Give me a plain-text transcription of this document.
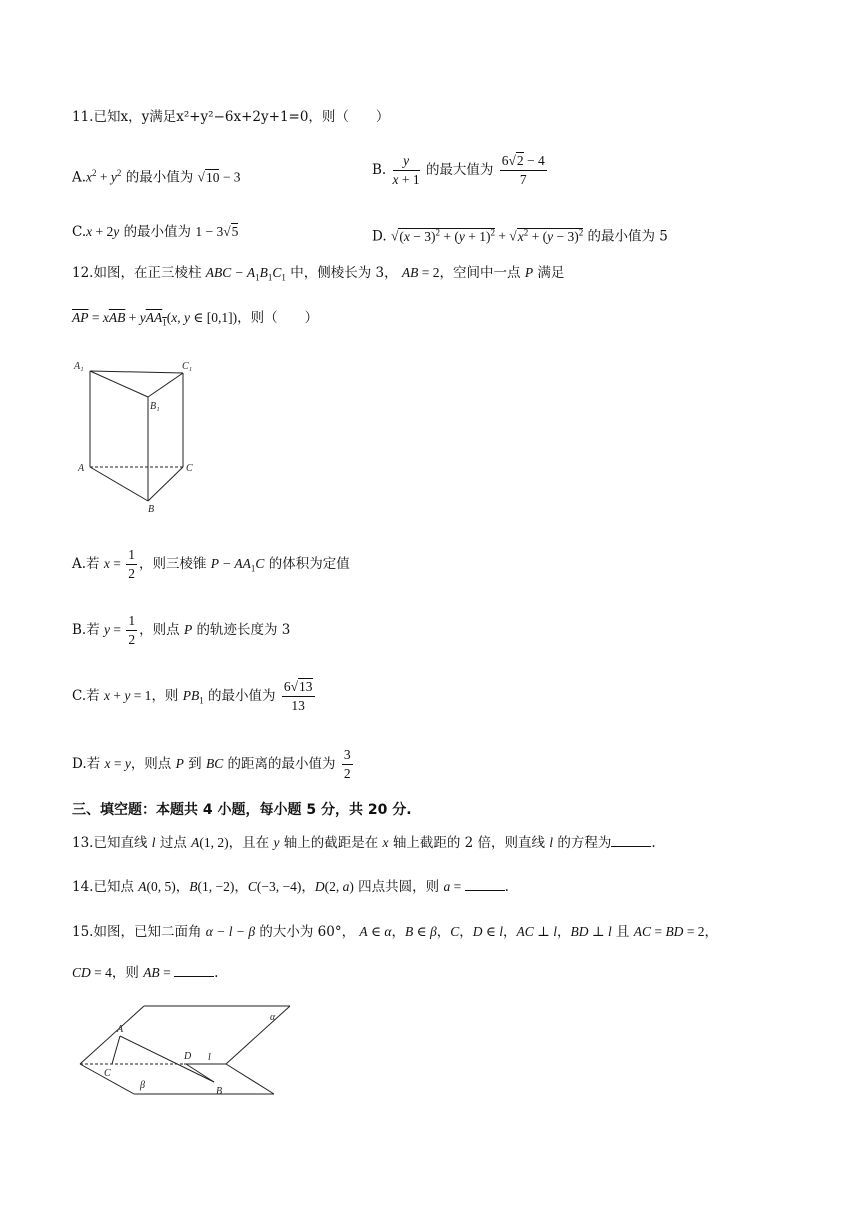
11.已知x，y满足x²+y²−6x+2y+1=0，则（　　）
$A.x^2 + y^2$ 的最小值为 √10 − 3	B. $\frac{y}{x + 1}$ 的最大值为 $\frac{6√2 - 4}{7}$
C.x + 2y 的最小值为 1 − 3√5	D. $√(x - 3)^2 + (y + 1)^2 + √x^2 + (y - 3)^2$ 的最小值为 5
12.如图，在正三棱柱 ABC − $A_1B_1C_1$ 中，侧棱长为 3， AB = 2，空间中一点 P 满足
$\overline{AP} = x\overline{AB} + yAA_1(x$, y ∈ [0,1])，则（　　）
A₁	C₁
B₁
A	C
B
A.若 $x = \frac{1}{2}$ ，则三棱锥 $P - AA_1C$ 的体积为定值
B.若 $y = \frac{1}{2}$ ，则点 P 的轨迹长度为 3
C.若 x + y = 1，则 $PB_1$ 的最小值为 $\frac{6√13}{13}$
D.若 x = y，则点 P 到 BC 的距离的最小值为 $\frac{3}{2}$
三、填空题：本题共 4 小题，每小题 5 分，共 20 分.
13.已知直线 l 过点 A(1, 2)，且在 y 轴上的截距是在 x 轴上截距的 2 倍，则直线 l 的方程为	.
14.已知点 A(0, 5)，B(1, −2)，C(−3, −4)，D(2, a) 四点共圆，则 a =	.
15.如图，已知二面角 α − l − β 的大小为 60°， A ∈ α，B ∈ β，C，D ∈ l，AC ⊥ l，BD ⊥ l 且 AC = BD = 2，
CD = 4，则 AB =	.
α
A
D l
C
β
B
